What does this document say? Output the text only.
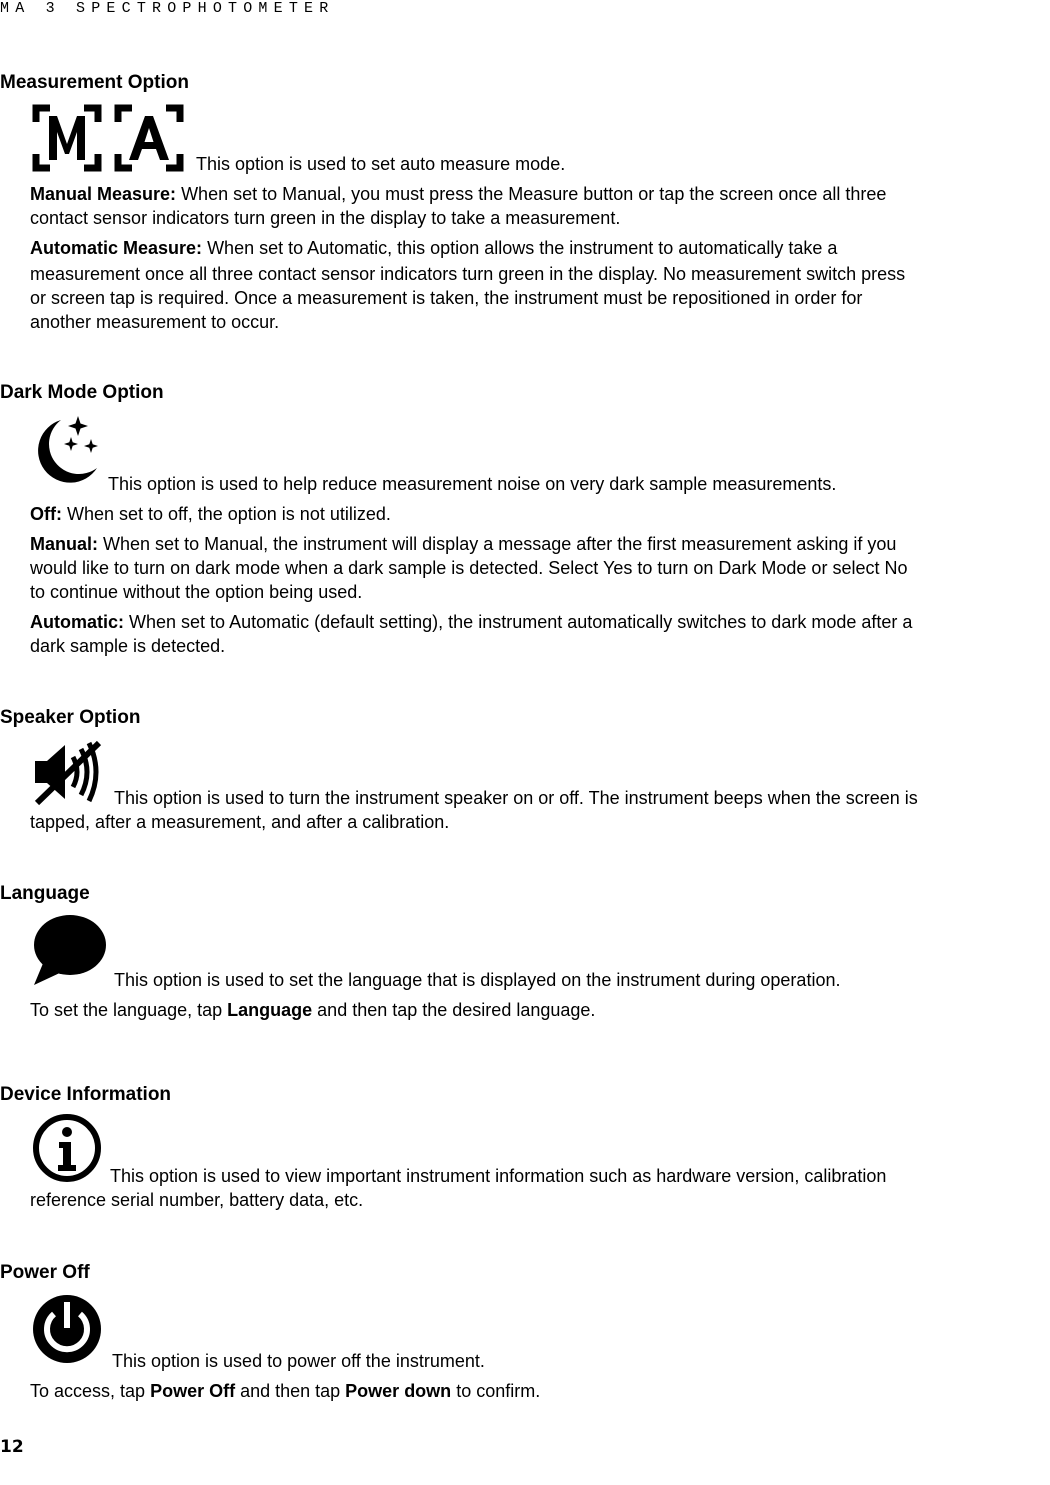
MA 3 SPECTROPHOTOMETER
Measurement Option

This option is used to set auto measure mode.

Manual Measure: When set to Manual, you must press the Measure button or tap the screen once all three

contact sensor indicators turn green in the display to take a measurement.

Automatic Measure: When set to Automatic, this option allows the instrument to automatically take a

measurement once all three contact sensor indicators turn green in the display. No measurement switch press

or screen tap is required. Once a measurement is taken, the instrument must be repositioned in order for

another measurement to occur.

Dark Mode Option

This option is used to help reduce measurement noise on very dark sample measurements.

Off: When set to off, the option is not utilized.

Manual: When set to Manual, the instrument will display a message after the first measurement asking if you

would like to turn on dark mode when a dark sample is detected. Select Yes to turn on Dark Mode or select No

to continue without the option being used.

Automatic: When set to Automatic (default setting), the instrument automatically switches to dark mode after a

dark sample is detected.

Speaker Option

This option is used to turn the instrument speaker on or off. The instrument beeps when the screen is

tapped, after a measurement, and after a calibration.

Language

This option is used to set the language that is displayed on the instrument during operation.

To set the language, tap Language and then tap the desired language.

Device Information

This option is used to view important instrument information such as hardware version, calibration

reference serial number, battery data, etc.

Power Off

This option is used to power off the instrument.

To access, tap Power Off and then tap Power down to confirm.

12
